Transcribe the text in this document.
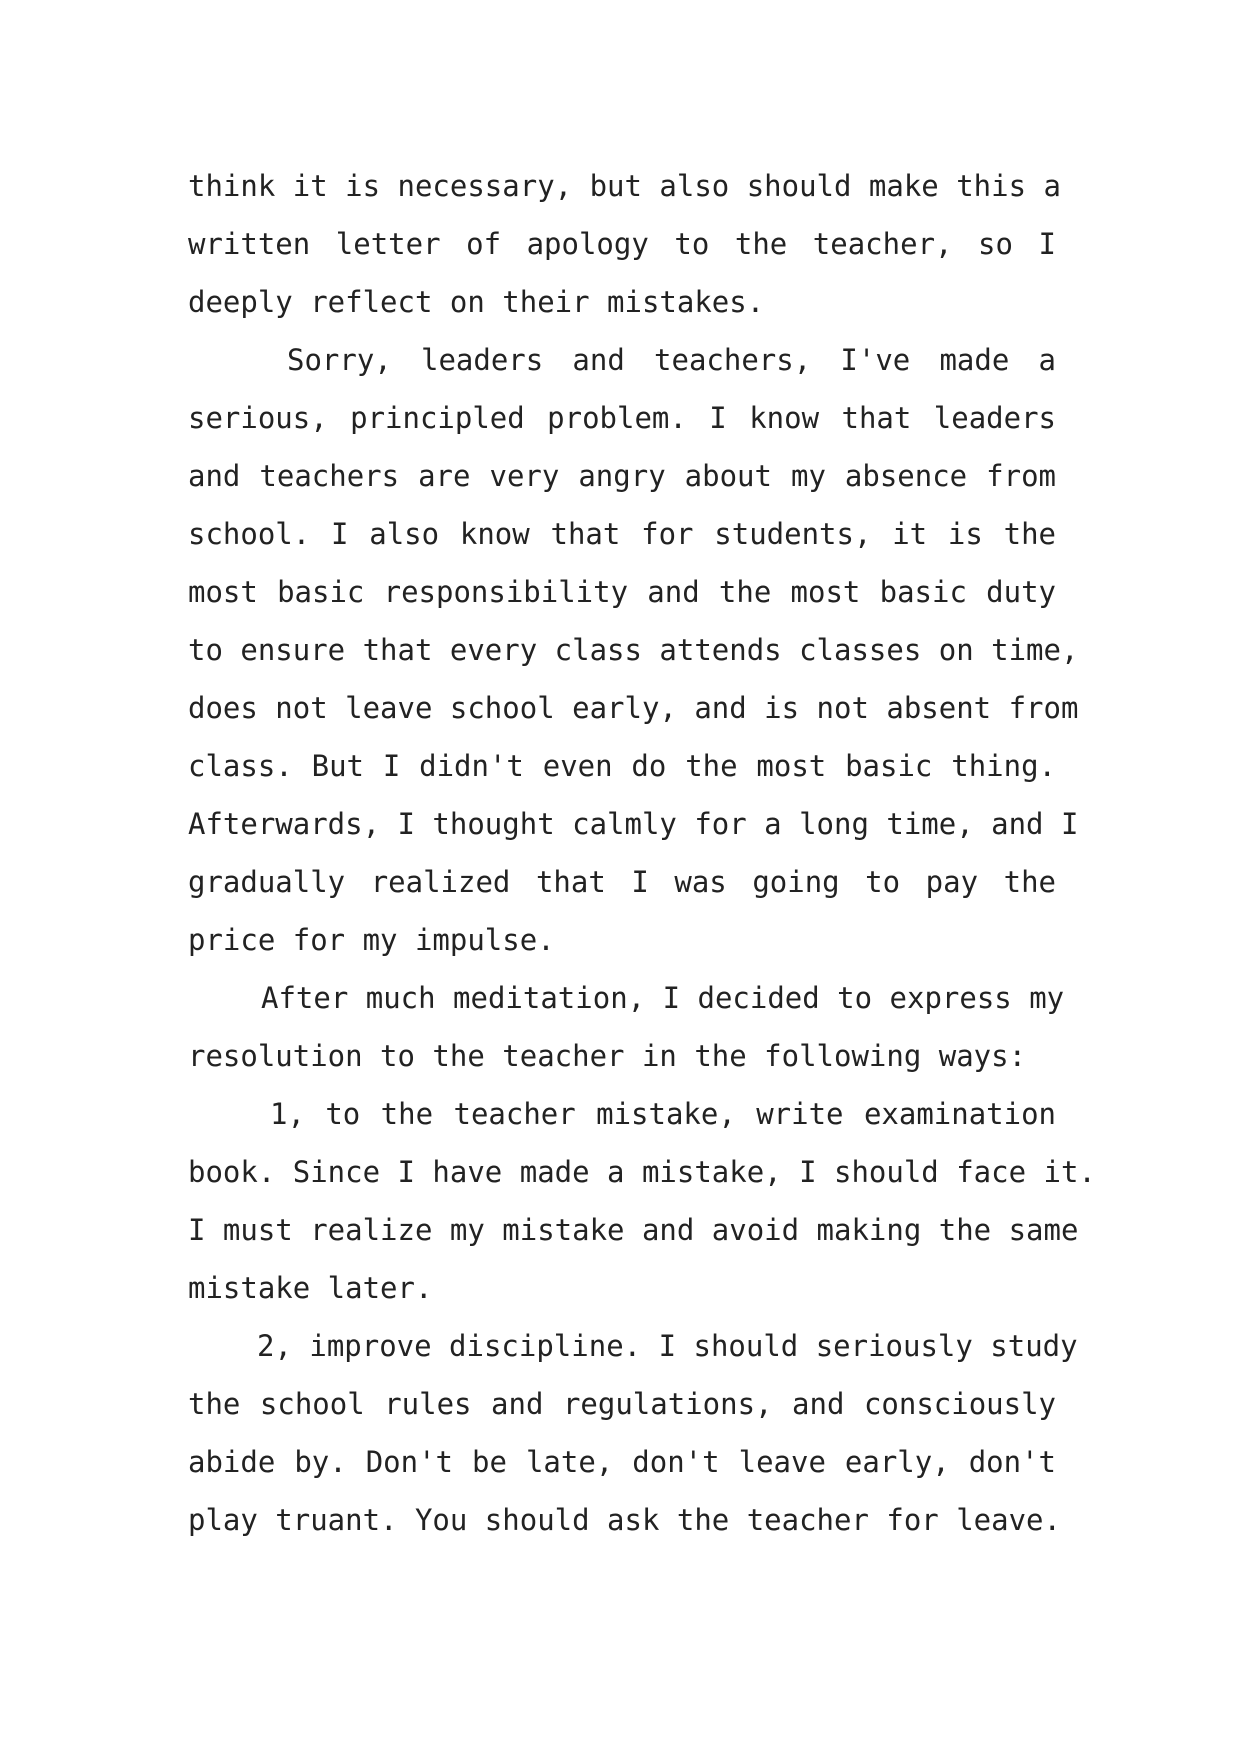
think it is necessary, but also should make this a
written letter of apology to the teacher, so I
deeply reflect on their mistakes.
Sorry, leaders and teachers, I've made a
serious, principled problem. I know that leaders
and teachers are very angry about my absence from
school. I also know that for students, it is the
most basic responsibility and the most basic duty
to ensure that every class attends classes on time,
does not leave school early, and is not absent from
class. But I didn't even do the most basic thing.
Afterwards, I thought calmly for a long time, and I
gradually realized that I was going to pay the
price for my impulse.
After much meditation, I decided to express my
resolution to the teacher in the following ways:
1, to the teacher mistake, write examination
book. Since I have made a mistake, I should face it.
I must realize my mistake and avoid making the same
mistake later.
2, improve discipline. I should seriously study
the school rules and regulations, and consciously
abide by. Don't be late, don't leave early, don't
play truant. You should ask the teacher for leave.
